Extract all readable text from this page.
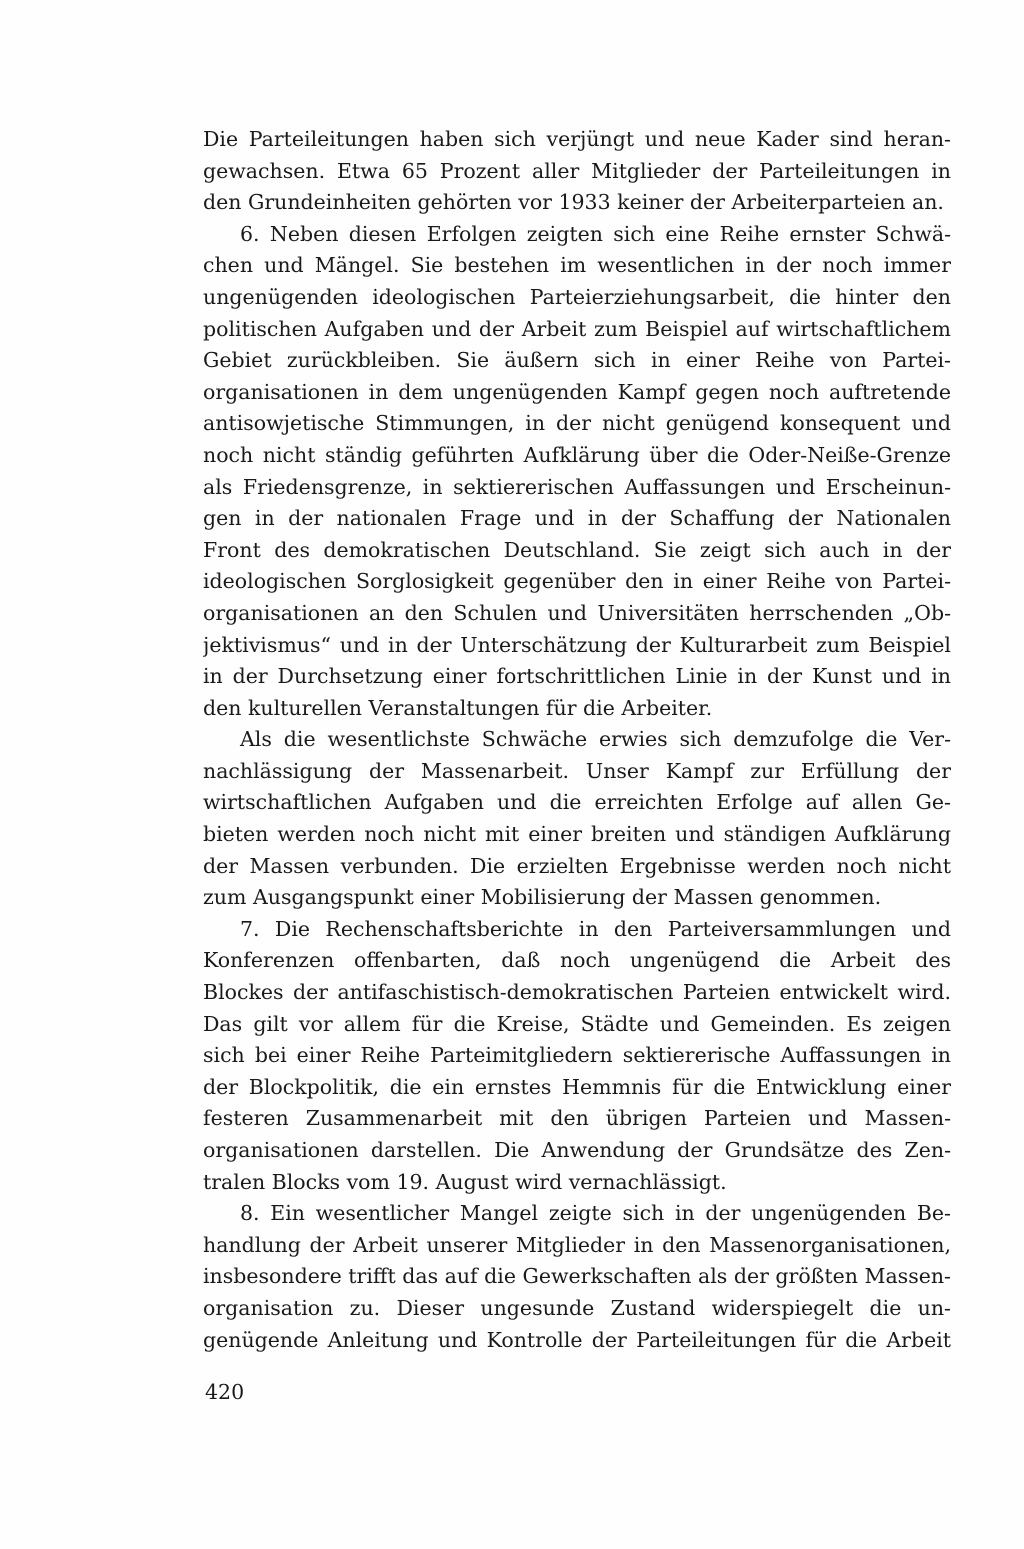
Die Parteileitungen haben sich verjüngt und neue Kader sind heran-
gewachsen. Etwa 65 Prozent aller Mitglieder der Parteileitungen in
den Grundeinheiten gehörten vor 1933 keiner der Arbeiterparteien an.
6. Neben diesen Erfolgen zeigten sich eine Reihe ernster Schwä-
chen und Mängel. Sie bestehen im wesentlichen in der noch immer
ungenügenden ideologischen Parteierziehungsarbeit, die hinter den
politischen Aufgaben und der Arbeit zum Beispiel auf wirtschaftlichem
Gebiet zurückbleiben. Sie äußern sich in einer Reihe von Partei-
organisationen in dem ungenügenden Kampf gegen noch auftretende
antisowjetische Stimmungen, in der nicht genügend konsequent und
noch nicht ständig geführten Aufklärung über die Oder-Neiße-Grenze
als Friedensgrenze, in sektiererischen Auffassungen und Erscheinun-
gen in der nationalen Frage und in der Schaffung der Nationalen
Front des demokratischen Deutschland. Sie zeigt sich auch in der
ideologischen Sorglosigkeit gegenüber den in einer Reihe von Partei-
organisationen an den Schulen und Universitäten herrschenden „Ob-
jektivismus“ und in der Unterschätzung der Kulturarbeit zum Beispiel
in der Durchsetzung einer fortschrittlichen Linie in der Kunst und in
den kulturellen Veranstaltungen für die Arbeiter.
Als die wesentlichste Schwäche erwies sich demzufolge die Ver-
nachlässigung der Massenarbeit. Unser Kampf zur Erfüllung der
wirtschaftlichen Aufgaben und die erreichten Erfolge auf allen Ge-
bieten werden noch nicht mit einer breiten und ständigen Aufklärung
der Massen verbunden. Die erzielten Ergebnisse werden noch nicht
zum Ausgangspunkt einer Mobilisierung der Massen genommen.
7. Die Rechenschaftsberichte in den Parteiversammlungen und
Konferenzen offenbarten, daß noch ungenügend die Arbeit des
Blockes der antifaschistisch-demokratischen Parteien entwickelt wird.
Das gilt vor allem für die Kreise, Städte und Gemeinden. Es zeigen
sich bei einer Reihe Parteimitgliedern sektiererische Auffassungen in
der Blockpolitik, die ein ernstes Hemmnis für die Entwicklung einer
festeren Zusammenarbeit mit den übrigen Parteien und Massen-
organisationen darstellen. Die Anwendung der Grundsätze des Zen-
tralen Blocks vom 19. August wird vernachlässigt.
8. Ein wesentlicher Mangel zeigte sich in der ungenügenden Be-
handlung der Arbeit unserer Mitglieder in den Massenorganisationen,
insbesondere trifft das auf die Gewerkschaften als der größten Massen-
organisation zu. Dieser ungesunde Zustand widerspiegelt die un-
genügende Anleitung und Kontrolle der Parteileitungen für die Arbeit
420
